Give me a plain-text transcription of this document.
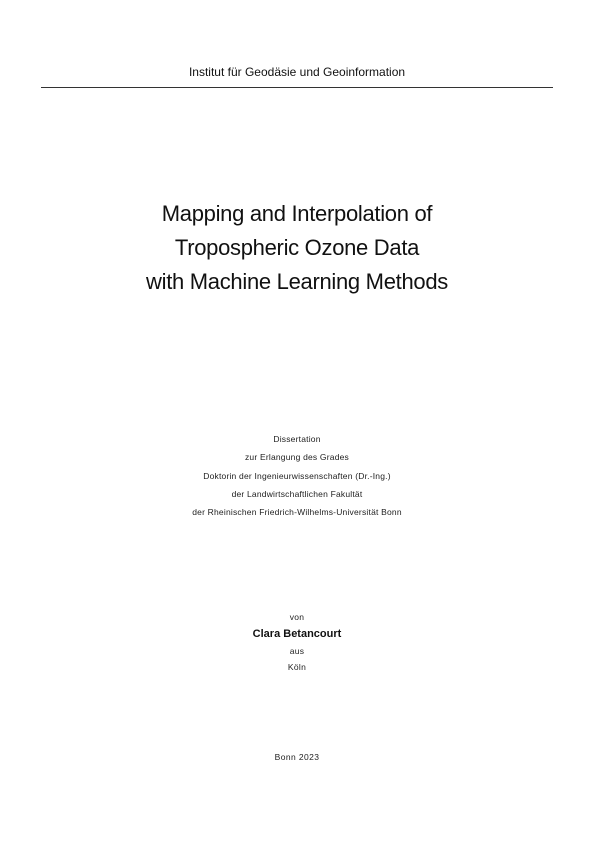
Institut für Geodäsie und Geoinformation
Mapping and Interpolation of
Tropospheric Ozone Data
with Machine Learning Methods
Dissertation
zur Erlangung des Grades
Doktorin der Ingenieurwissenschaften (Dr.-Ing.)
der Landwirtschaftlichen Fakultät
der Rheinischen Friedrich-Wilhelms-Universität Bonn
von
Clara Betancourt
aus
Köln
Bonn 2023
